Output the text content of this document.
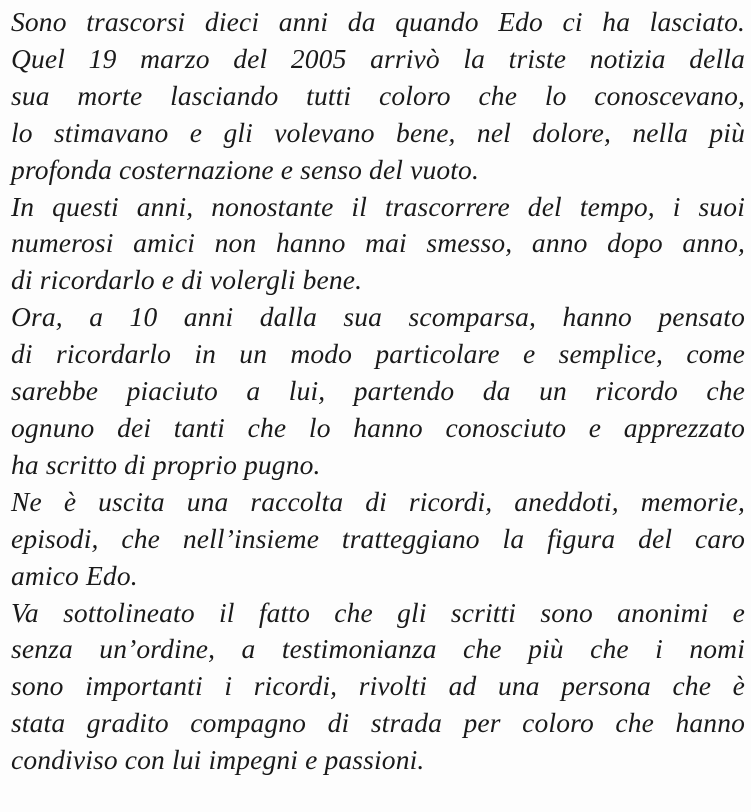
Sono trascorsi dieci anni da quando Edo ci ha lasciato.
Quel 19 marzo del 2005 arrivò la triste notizia della
sua morte lasciando tutti coloro che lo conoscevano,
lo stimavano e gli volevano bene, nel dolore, nella più
profonda costernazione e senso del vuoto.
In questi anni, nonostante il trascorrere del tempo, i suoi
numerosi amici non hanno mai smesso, anno dopo anno,
di ricordarlo e di volergli bene.
Ora, a 10 anni dalla sua scomparsa, hanno pensato
di ricordarlo in un modo particolare e semplice, come
sarebbe piaciuto a lui, partendo da un ricordo che
ognuno dei tanti che lo hanno conosciuto e apprezzato
ha scritto di proprio pugno.
Ne è uscita una raccolta di ricordi, aneddoti, memorie,
episodi, che nell’insieme tratteggiano la figura del caro
amico Edo.
Va sottolineato il fatto che gli scritti sono anonimi e
senza un’ordine, a testimonianza che più che i nomi
sono importanti i ricordi, rivolti ad una persona che è
stata gradito compagno di strada per coloro che hanno
condiviso con lui impegni e passioni.
